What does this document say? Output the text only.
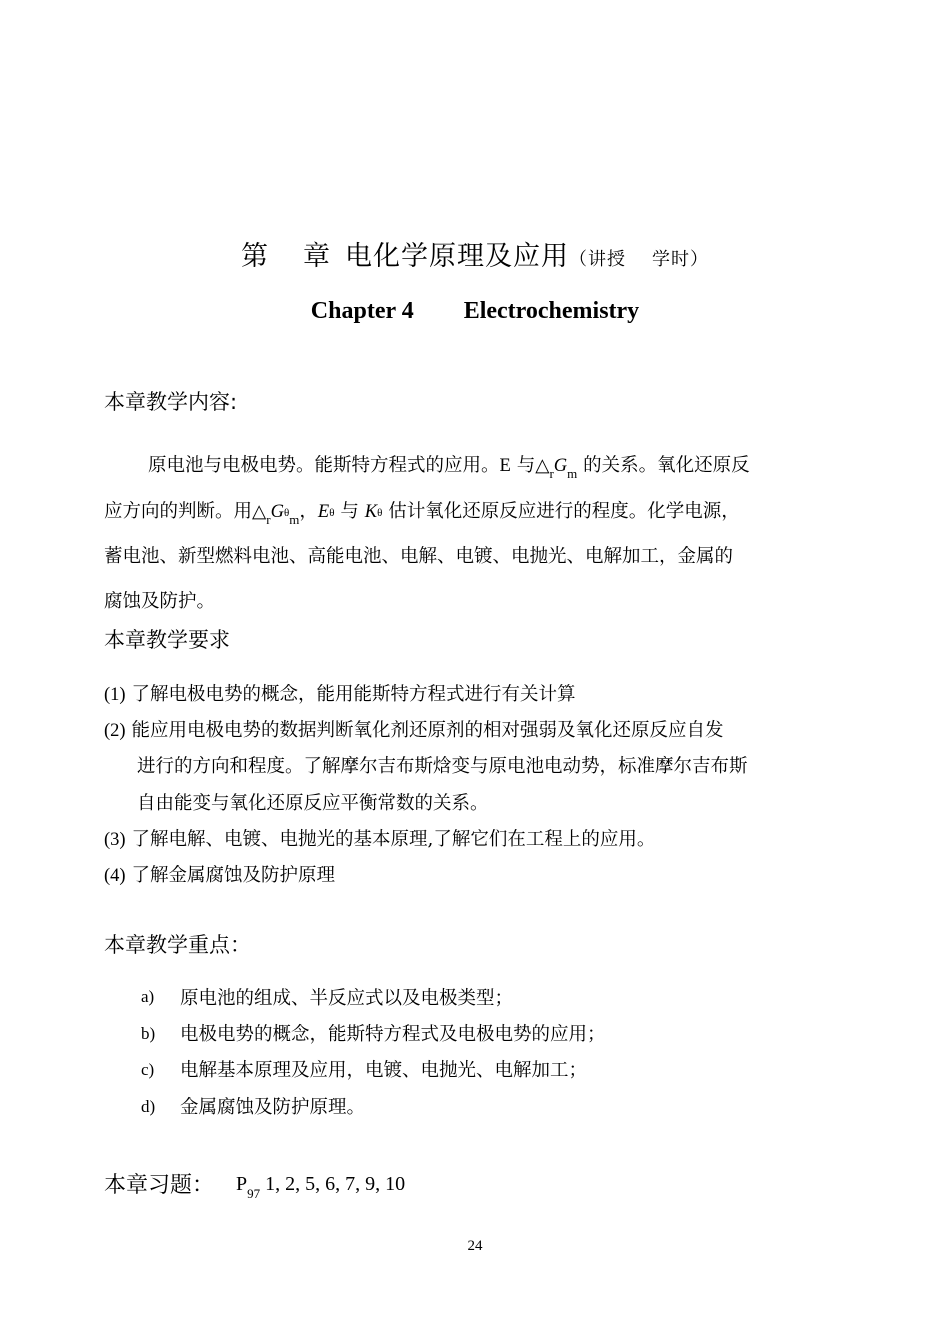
第 章 电化学原理及应用（讲授 学时）
Chapter 4 Electrochemistry
本章教学内容:
原电池与电极电势。能斯特方程式的应用。E 与$\triangle_rG_m$ 的关系。氧化还原反
应方向的判断。用$\triangle_rG\theta_m$，Eθ 与 Kθ 估计氧化还原反应进行的程度。化学电源，
蓄电池、新型燃料电池、高能电池、电解、电镀、电抛光、电解加工，金属的
腐蚀及防护。
本章教学要求
(1) 了解电极电势的概念，能用能斯特方程式进行有关计算
(2) 能应用电极电势的数据判断氧化剂还原剂的相对强弱及氧化还原反应自发
进行的方向和程度。了解摩尔吉布斯焓变与原电池电动势，标准摩尔吉布斯
自由能变与氧化还原反应平衡常数的关系。
(3) 了解电解、电镀、电抛光的基本原理,了解它们在工程上的应用。
(4) 了解金属腐蚀及防护原理
本章教学重点：
a) 原电池的组成、半反应式以及电极类型；
b) 电极电势的概念，能斯特方程式及电极电势的应用；
c) 电解基本原理及应用，电镀、电抛光、电解加工；
d) 金属腐蚀及防护原理。
本章习题： $P_{97}$ 1, 2, 5, 6, 7, 9, 10
24
